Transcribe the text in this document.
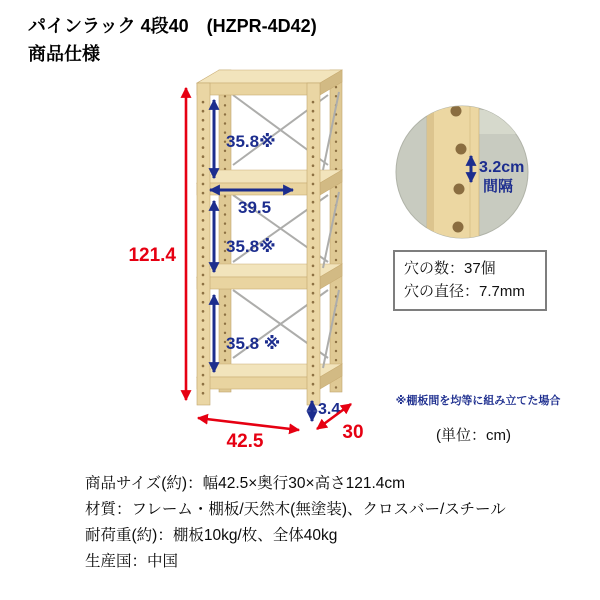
121.4
35.8※
35.8※
35.8 ※
39.5
3.4
42.5	30
3.2cm
間隔
パインラック 4段40　(HZPR-4D42)
商品仕様
穴の数：37個
穴の直径：7.7mm
※棚板間を均等に組み立てた場合
(単位：cm)
商品サイズ(約)：幅42.5×奥行30×高さ121.4cm
材質：フレーム・棚板/天然木(無塗装)、クロスバー/スチール
耐荷重(約)：棚板10kg/枚、全体40kg
生産国：中国
